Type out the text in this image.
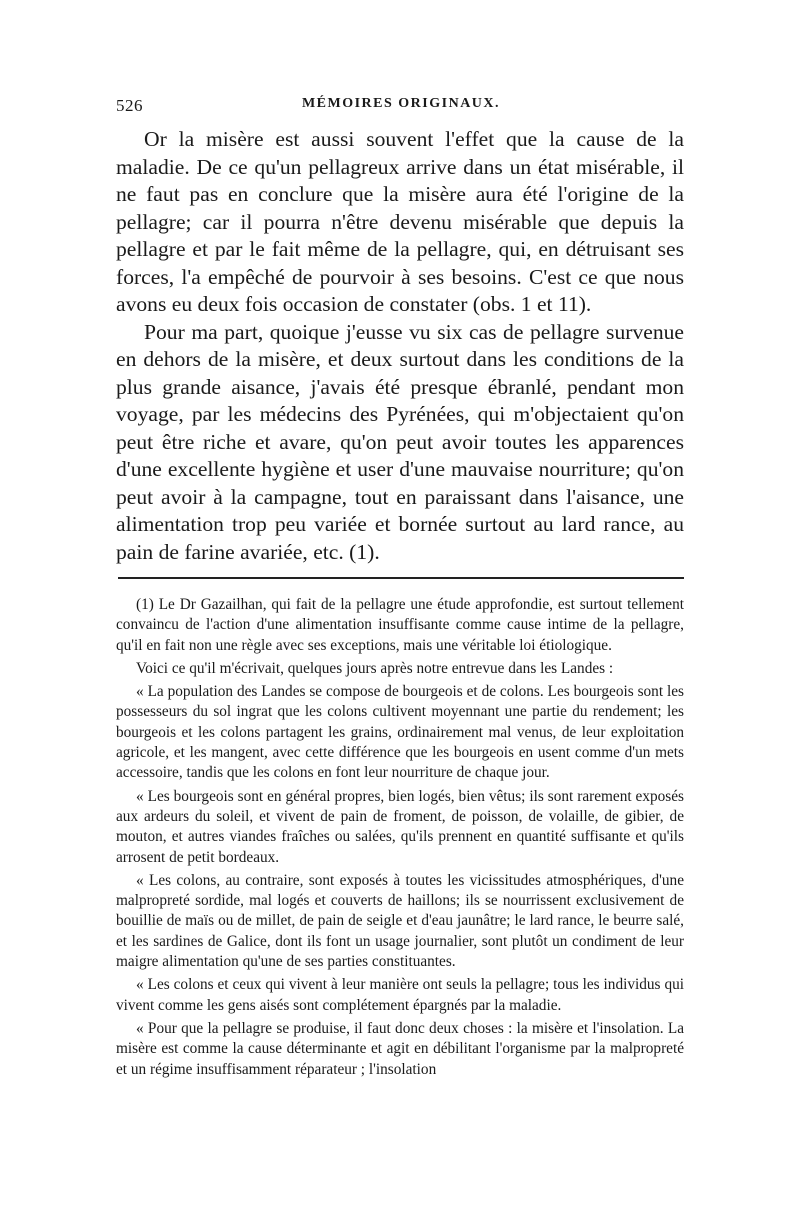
526	MÉMOIRES ORIGINAUX.

Or la misère est aussi souvent l'effet que la cause de la maladie. De ce qu'un pellagreux arrive dans un état misérable, il ne faut pas en conclure que la misère aura été l'origine de la pellagre; car il pourra n'être devenu misérable que depuis la pellagre et par le fait même de la pellagre, qui, en détruisant ses forces, l'a empêché de pourvoir à ses besoins. C'est ce que nous avons eu deux fois occasion de constater (obs. 1 et 11).

Pour ma part, quoique j'eusse vu six cas de pellagre survenue en dehors de la misère, et deux surtout dans les conditions de la plus grande aisance, j'avais été presque ébranlé, pendant mon voyage, par les médecins des Pyrénées, qui m'objectaient qu'on peut être riche et avare, qu'on peut avoir toutes les apparences d'une excellente hygiène et user d'une mauvaise nourriture; qu'on peut avoir à la campagne, tout en paraissant dans l'aisance, une alimentation trop peu variée et bornée surtout au lard rance, au pain de farine avariée, etc. (1).

(1) Le Dr Gazailhan, qui fait de la pellagre une étude approfondie, est surtout tellement convaincu de l'action d'une alimentation insuffisante comme cause intime de la pellagre, qu'il en fait non une règle avec ses exceptions, mais une véritable loi étiologique.

Voici ce qu'il m'écrivait, quelques jours après notre entrevue dans les Landes :

« La population des Landes se compose de bourgeois et de colons. Les bourgeois sont les possesseurs du sol ingrat que les colons cultivent moyennant une partie du rendement; les bourgeois et les colons partagent les grains, ordinairement mal venus, de leur exploitation agricole, et les mangent, avec cette différence que les bourgeois en usent comme d'un mets accessoire, tandis que les colons en font leur nourriture de chaque jour.

« Les bourgeois sont en général propres, bien logés, bien vêtus; ils sont rarement exposés aux ardeurs du soleil, et vivent de pain de froment, de poisson, de volaille, de gibier, de mouton, et autres viandes fraîches ou salées, qu'ils prennent en quantité suffisante et qu'ils arrosent de petit bordeaux.

« Les colons, au contraire, sont exposés à toutes les vicissitudes atmosphériques, d'une malpropreté sordide, mal logés et couverts de haillons; ils se nourrissent exclusivement de bouillie de maïs ou de millet, de pain de seigle et d'eau jaunâtre; le lard rance, le beurre salé, et les sardines de Galice, dont ils font un usage journalier, sont plutôt un condiment de leur maigre alimentation qu'une de ses parties constituantes.

« Les colons et ceux qui vivent à leur manière ont seuls la pellagre; tous les individus qui vivent comme les gens aisés sont complétement épargnés par la maladie.

« Pour que la pellagre se produise, il faut donc deux choses : la misère et l'insolation. La misère est comme la cause déterminante et agit en débilitant l'organisme par la malpropreté et un régime insuffisamment réparateur ; l'insolation
